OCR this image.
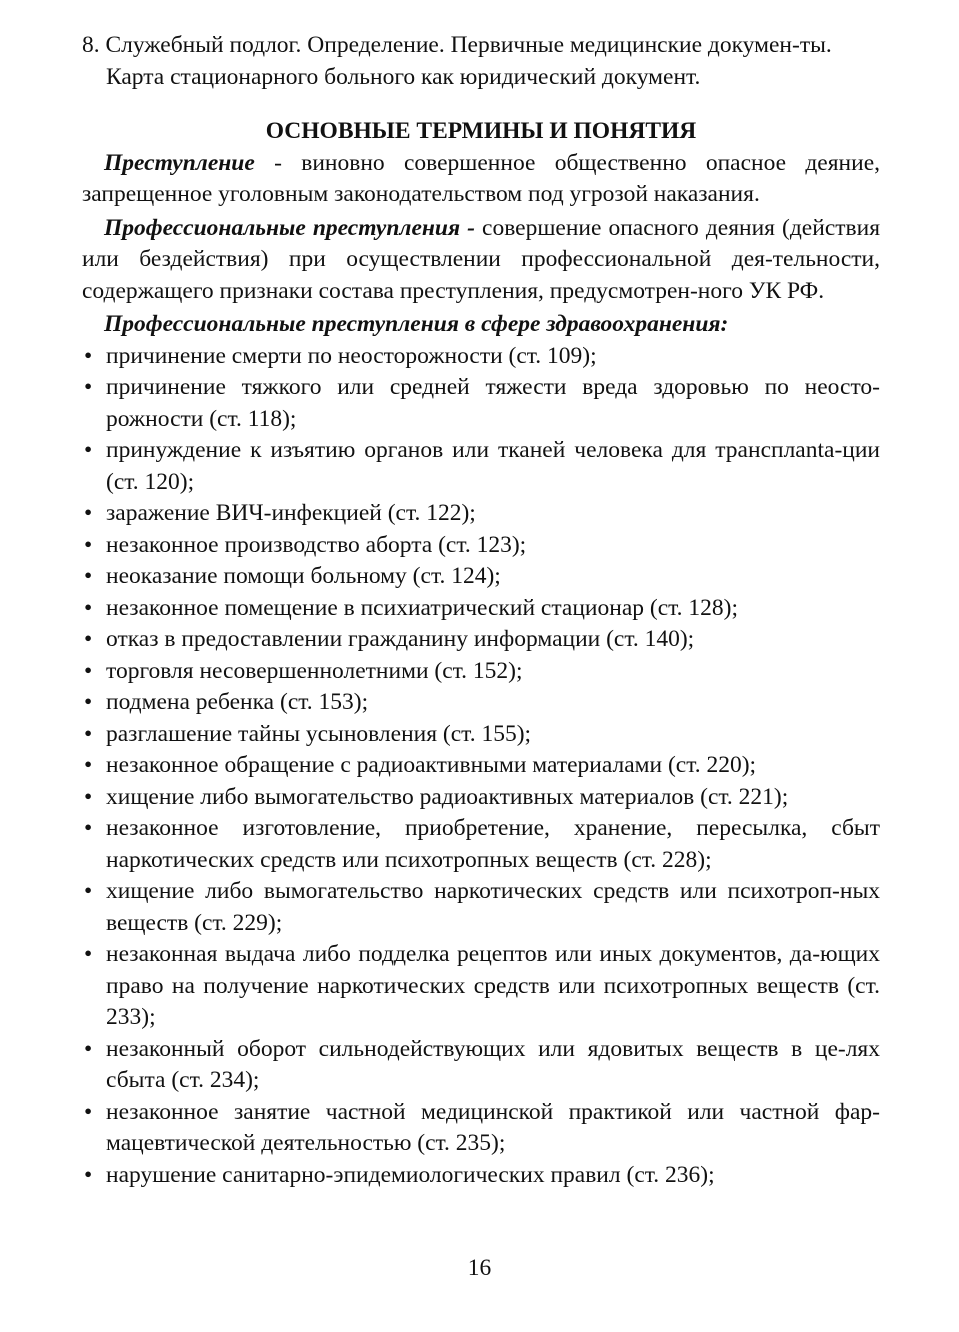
8. Служебный подлог. Определение. Первичные медицинские докумен-ты. Карта стационарного больного как юридический документ.
ОСНОВНЫЕ ТЕРМИНЫ И ПОНЯТИЯ
Преступление - виновно совершенное общественно опасное деяние, запрещенное уголовным законодательством под угрозой наказания.
Профессиональные преступления - совершение опасного деяния (действия или бездействия) при осуществлении профессиональной дея-тельности, содержащего признаки состава преступления, предусмотрен-ного УК РФ.
Профессиональные преступления в сфере здравоохранения:
• причинение смерти по неосторожности (ст. 109);
• причинение тяжкого или средней тяжести вреда здоровью по неосто-рожности (ст. 118);
• принуждение к изъятию органов или тканей человека для трансплanta-ции (ст. 120);
• заражение ВИЧ-инфекцией (ст. 122);
• незаконное производство аборта (ст. 123);
• неоказание помощи больному (ст. 124);
• незаконное помещение в психиатрический стационар (ст. 128);
• отказ в предоставлении гражданину информации (ст. 140);
• торговля несовершеннолетними (ст. 152);
• подмена ребенка (ст. 153);
• разглашение тайны усыновления (ст. 155);
• незаконное обращение с радиоактивными материалами (ст. 220);
• хищение либо вымогательство радиоактивных материалов (ст. 221);
• незаконное изготовление, приобретение, хранение, пересылка, сбыт наркотических средств или психотропных веществ (ст. 228);
• хищение либо вымогательство наркотических средств или психотроп-ных веществ (ст. 229);
• незаконная выдача либо подделка рецептов или иных документов, да-ющих право на получение наркотических средств или психотропных веществ (ст. 233);
• незаконный оборот сильнодействующих или ядовитых веществ в це-лях сбыта (ст. 234);
• незаконное занятие частной медицинской практикой или частной фар-мацевтической деятельностью (ст. 235);
• нарушение санитарно-эпидемиологических правил (ст. 236);
16
